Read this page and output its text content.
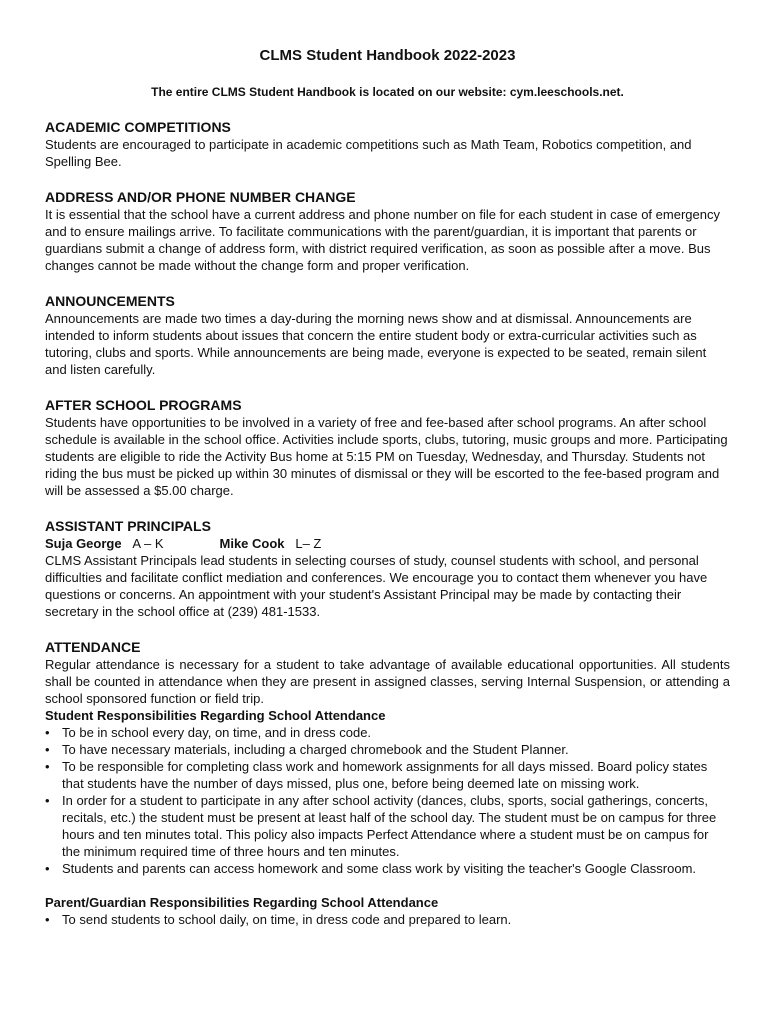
CLMS Student Handbook 2022-2023

The entire CLMS Student Handbook is located on our website: cym.leeschools.net.

ACADEMIC COMPETITIONS

Students are encouraged to participate in academic competitions such as Math Team, Robotics competition, and Spelling Bee.

ADDRESS AND/OR PHONE NUMBER CHANGE

It is essential that the school have a current address and phone number on file for each student in case of emergency and to ensure mailings arrive. To facilitate communications with the parent/guardian, it is important that parents or guardians submit a change of address form, with district required verification, as soon as possible after a move. Bus changes cannot be made without the change form and proper verification.

ANNOUNCEMENTS

Announcements are made two times a day-during the morning news show and at dismissal. Announcements are intended to inform students about issues that concern the entire student body or extra-curricular activities such as tutoring, clubs and sports. While announcements are being made, everyone is expected to be seated, remain silent and listen carefully.

AFTER SCHOOL PROGRAMS

Students have opportunities to be involved in a variety of free and fee-based after school programs. An after school schedule is available in the school office. Activities include sports, clubs, tutoring, music groups and more. Participating students are eligible to ride the Activity Bus home at 5:15 PM on Tuesday, Wednesday, and Thursday. Students not riding the bus must be picked up within 30 minutes of dismissal or they will be escorted to the fee-based program and will be assessed a $5.00 charge.

ASSISTANT PRINCIPALS

Suja George A – K	Mike Cook L– Z

CLMS Assistant Principals lead students in selecting courses of study, counsel students with school, and personal difficulties and facilitate conflict mediation and conferences. We encourage you to contact them whenever you have questions or concerns. An appointment with your student's Assistant Principal may be made by contacting their secretary in the school office at (239) 481-1533.

ATTENDANCE

Regular attendance is necessary for a student to take advantage of available educational opportunities. All students shall be counted in attendance when they are present in assigned classes, serving Internal Suspension, or attending a school sponsored function or field trip.

Student Responsibilities Regarding School Attendance

• To be in school every day, on time, and in dress code.
• To have necessary materials, including a charged chromebook and the Student Planner.
• To be responsible for completing class work and homework assignments for all days missed. Board policy states that students have the number of days missed, plus one, before being deemed late on missing work.
• In order for a student to participate in any after school activity (dances, clubs, sports, social gatherings, concerts, recitals, etc.) the student must be present at least half of the school day. The student must be on campus for three hours and ten minutes total. This policy also impacts Perfect Attendance where a student must be on campus for the minimum required time of three hours and ten minutes.
• Students and parents can access homework and some class work by visiting the teacher's Google Classroom.

Parent/Guardian Responsibilities Regarding School Attendance

• To send students to school daily, on time, in dress code and prepared to learn.
